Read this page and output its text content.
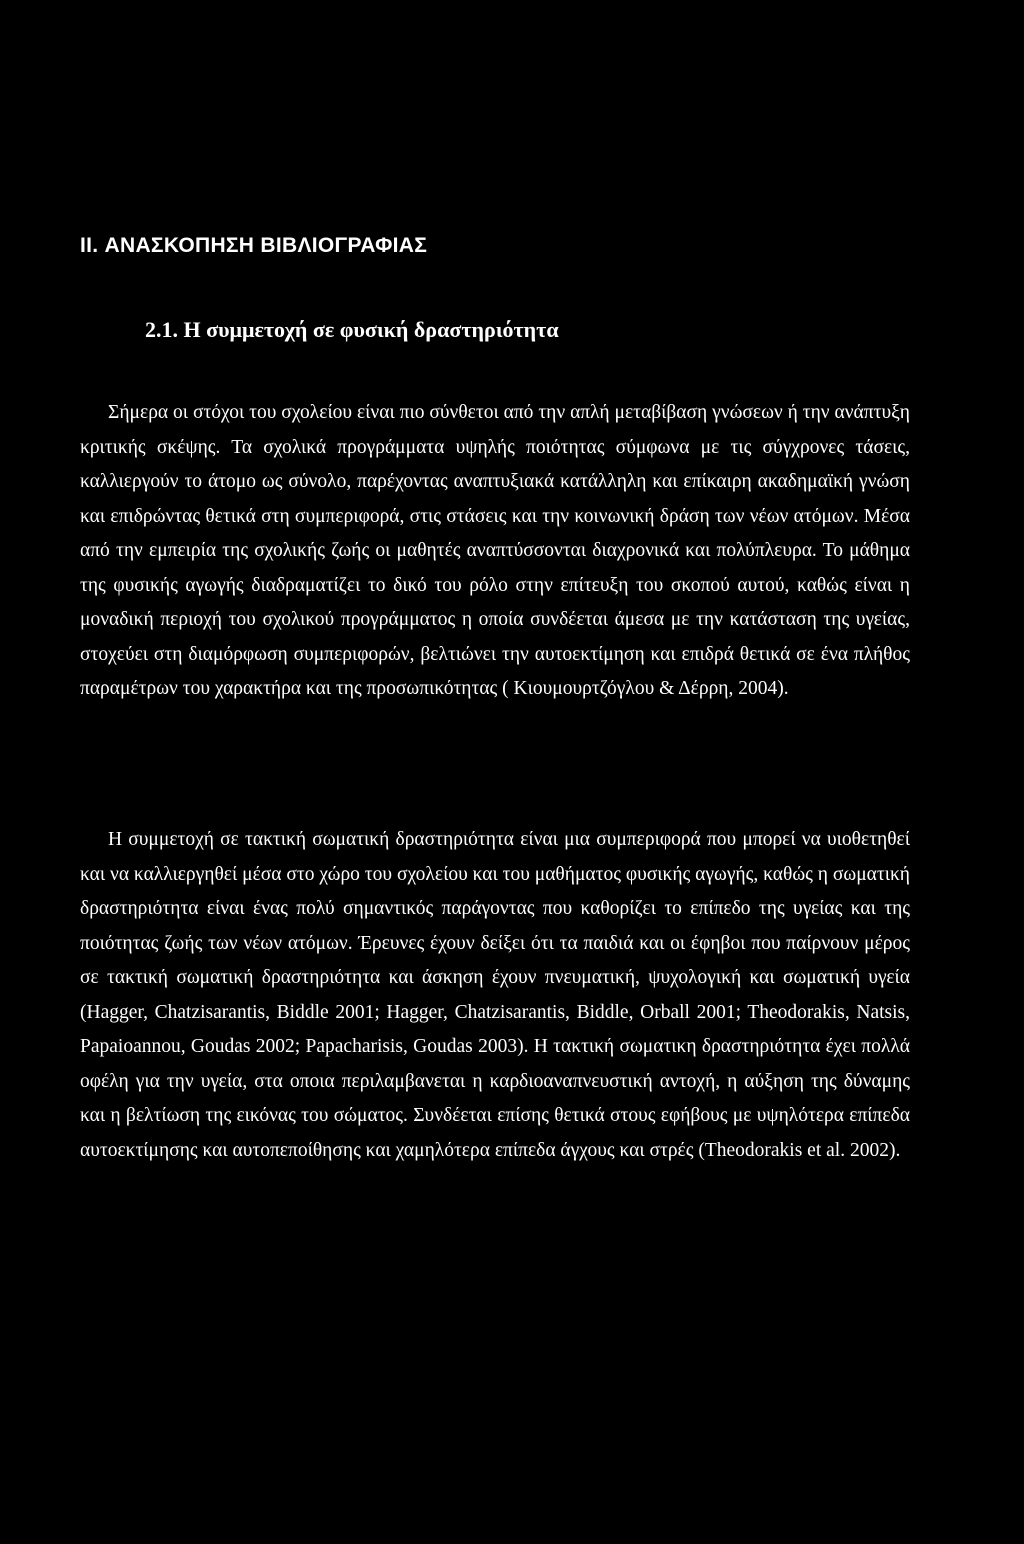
II. ΑΝΑΣΚΟΠΗΣΗ ΒΙΒΛΙΟΓΡΑΦΙΑΣ
2.1. Η συμμετοχή σε φυσική δραστηριότητα

Σήμερα οι στόχοι του σχολείου είναι πιο σύνθετοι από την απλή μεταβίβαση γνώσεων ή την ανάπτυξη κριτικής σκέψης. Τα σχολικά προγράμματα υψηλής ποιότητας σύμφωνα με τις σύγχρονες τάσεις, καλλιεργούν το άτομο ως σύνολο, παρέχοντας αναπτυξιακά κατάλληλη και επίκαιρη ακαδημαϊκή γνώση και επιδρώντας θετικά στη συμπεριφορά, στις στάσεις και την κοινωνική δράση των νέων ατόμων. Μέσα από την εμπειρία της σχολικής ζωής οι μαθητές αναπτύσσονται διαχρονικά και πολύπλευρα. Το μάθημα της φυσικής αγωγής διαδραματίζει το δικό του ρόλο στην επίτευξη του σκοπού αυτού, καθώς είναι η μοναδική περιοχή του σχολικού προγράμματος η οποία συνδέεται άμεσα με την κατάσταση της υγείας, στοχεύει στη διαμόρφωση συμπεριφορών, βελτιώνει την αυτοεκτίμηση και επιδρά θετικά σε ένα πλήθος παραμέτρων του χαρακτήρα και της προσωπικότητας ( Κιουμουρτζόγλου & Δέρρη, 2004).

Η συμμετοχή σε τακτική σωματική δραστηριότητα είναι μια συμπεριφορά που μπορεί να υιοθετηθεί και να καλλιεργηθεί μέσα στο χώρο του σχολείου και του μαθήματος φυσικής αγωγής, καθώς η σωματική δραστηριότητα είναι ένας πολύ σημαντικός παράγοντας που καθορίζει το επίπεδο της υγείας και της ποιότητας ζωής των νέων ατόμων. Έρευνες έχουν δείξει ότι τα παιδιά και οι έφηβοι που παίρνουν μέρος σε τακτική σωματική δραστηριότητα και άσκηση έχουν πνευματική, ψυχολογική και σωματική υγεία (Hagger, Chatzisarantis, Biddle 2001; Hagger, Chatzisarantis, Biddle, Orball 2001; Theodorakis, Natsis, Papaioannou, Goudas 2002; Papacharisis, Goudas 2003). Η τακτική σωματικη δραστηριότητα έχει πολλά οφέλη για την υγεία, στα οποια περιλαμβανεται η καρδιοαναπνευστική αντοχή, η αύξηση της δύναμης και η βελτίωση της εικόνας του σώματος. Συνδέεται επίσης θετικά στους εφήβους με υψηλότερα επίπεδα αυτοεκτίμησης και αυτοπεποίθησης και χαμηλότερα επίπεδα άγχους και στρές (Theodorakis et al. 2002).
